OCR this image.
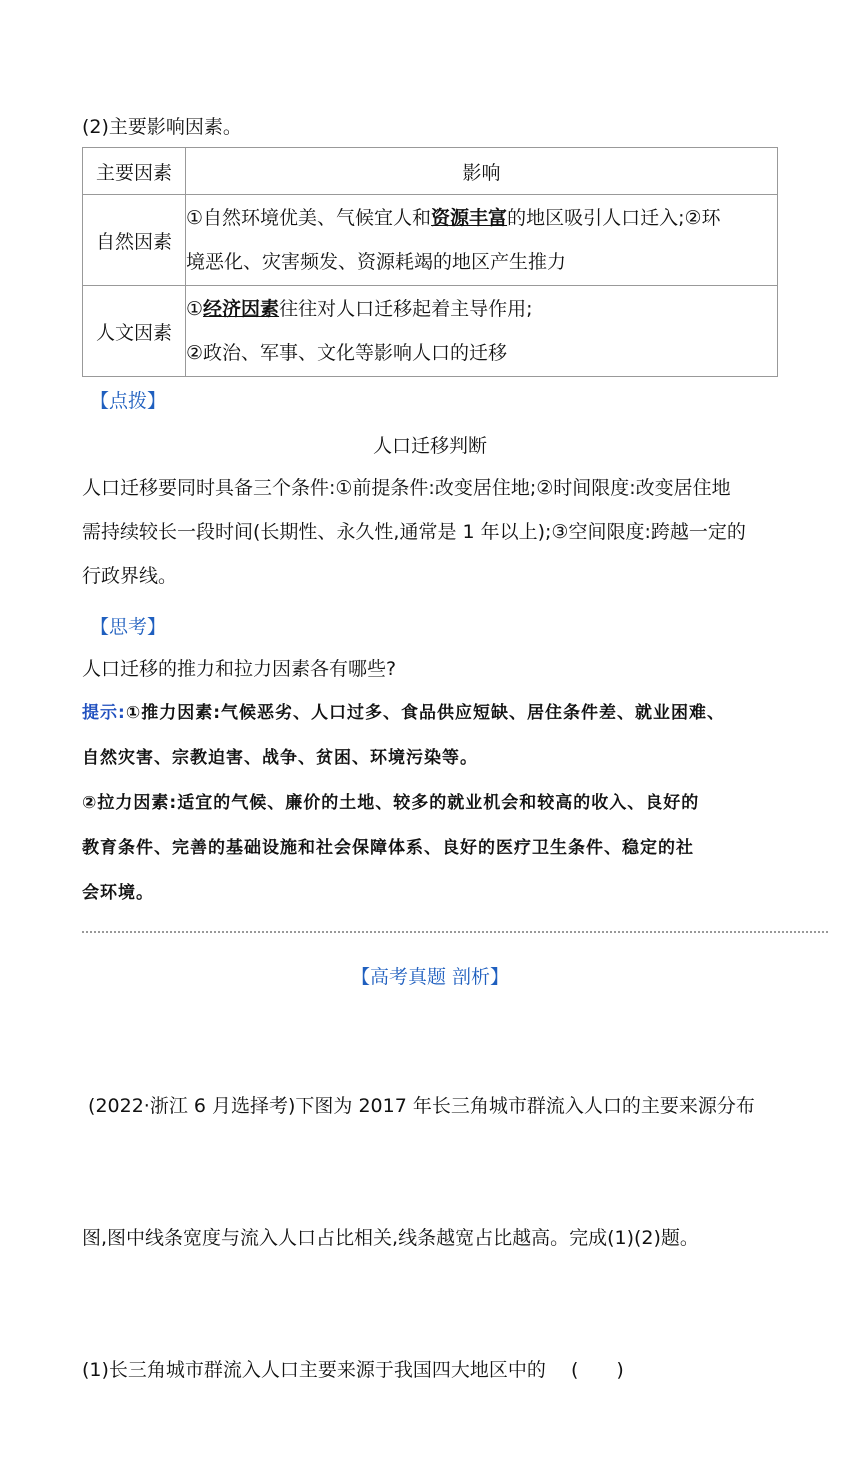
(2)主要影响因素。
主要因素	影响
自然因素	①自然环境优美、气候宜人和资源丰富的地区吸引人口迁入;②环
境恶化、灾害频发、资源耗竭的地区产生推力

人文因素	①经济因素往往对人口迁移起着主导作用;
②政治、军事、文化等影响人口的迁移
【点拨】
人口迁移判断
人口迁移要同时具备三个条件:①前提条件:改变居住地;②时间限度:改变居住地
需持续较长一段时间(长期性、永久性,通常是 1 年以上);③空间限度:跨越一定的
行政界线。
【思考】
人口迁移的推力和拉力因素各有哪些?
提示:①推力因素:气候恶劣、人口过多、食品供应短缺、居住条件差、就业困难、
自然灾害、宗教迫害、战争、贫困、环境污染等。
②拉力因素:适宜的气候、廉价的土地、较多的就业机会和较高的收入、良好的
教育条件、完善的基础设施和社会保障体系、良好的医疗卫生条件、稳定的社
会环境。
【高考真题 剖析】

(2022·浙江 6 月选择考)下图为 2017 年长三角城市群流入人口的主要来源分布

图,图中线条宽度与流入人口占比相关,线条越宽占比越高。完成(1)(2)题。

(1)长三角城市群流入人口主要来源于我国四大地区中的　 (　　)
